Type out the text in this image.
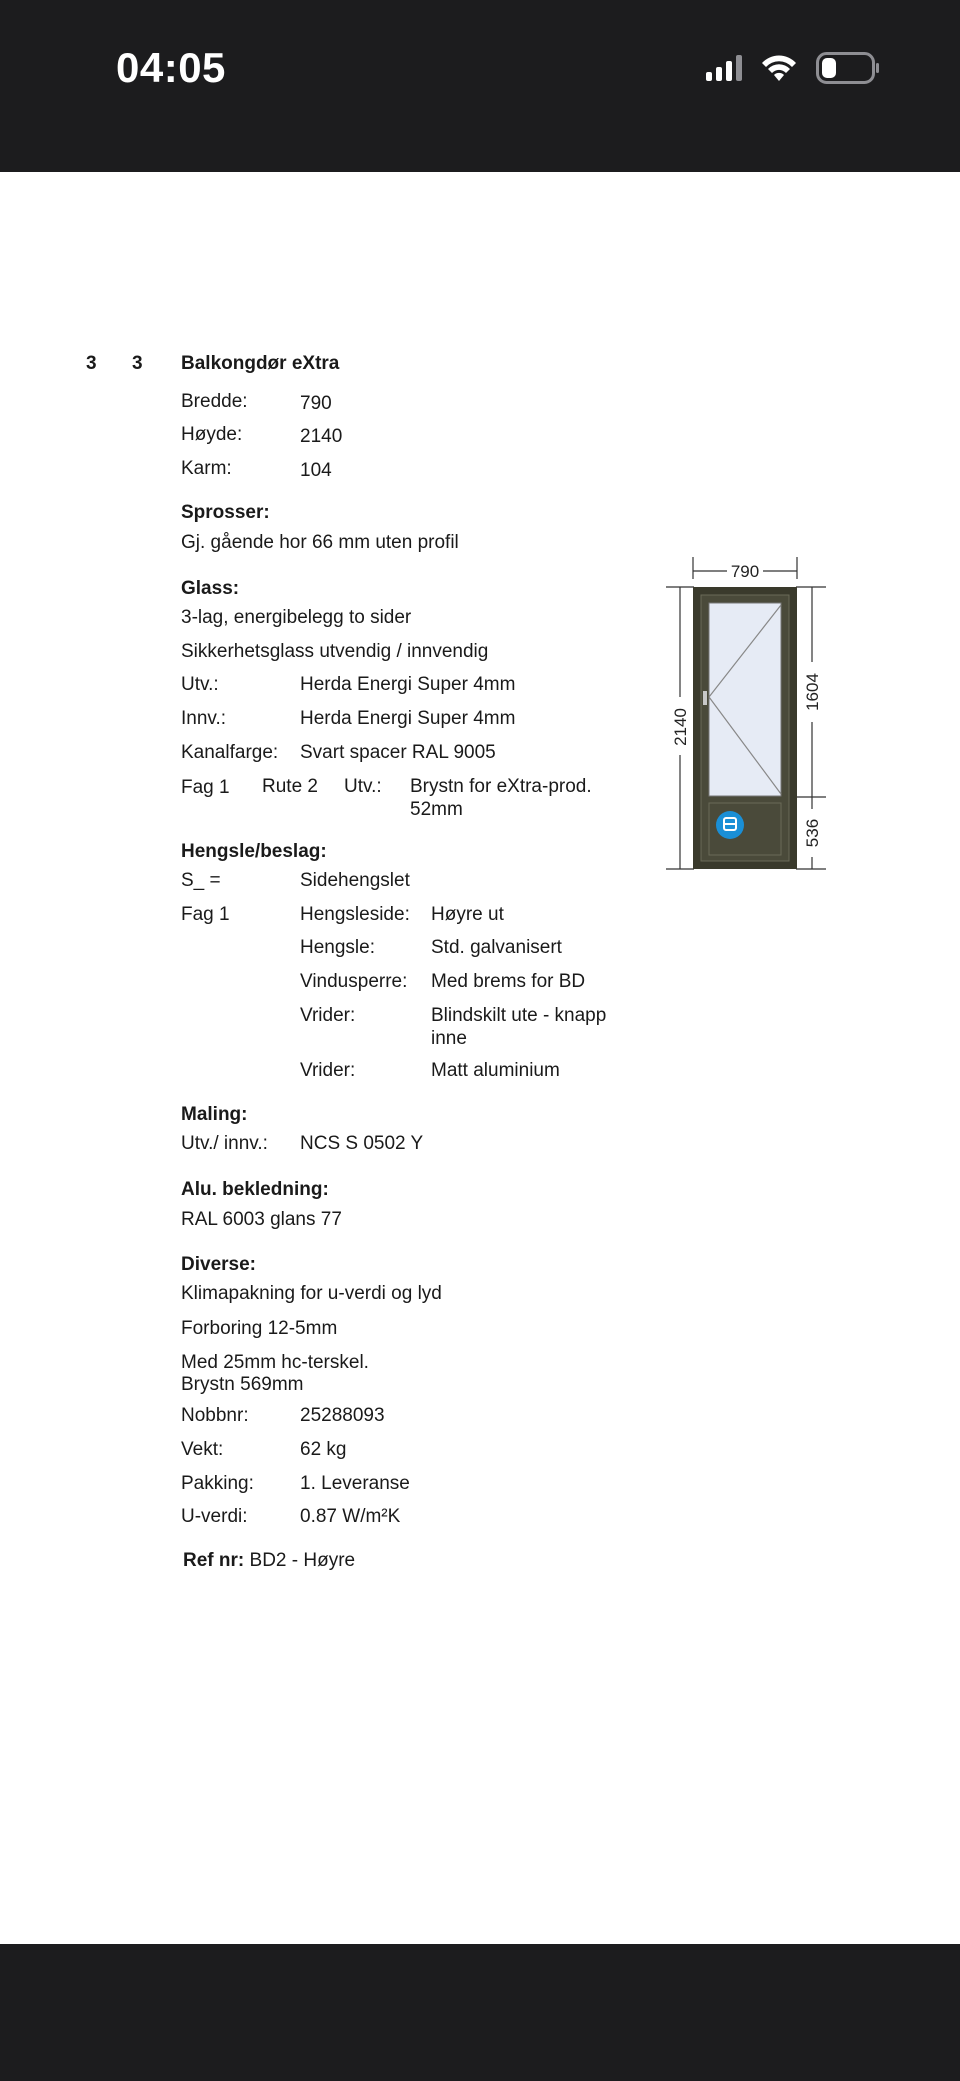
04:05
3 3 Balkongdør eXtra
Bredde:	790
Høyde:	2140
Karm:	104
Sprosser:
Gj. gående hor 66 mm uten profil
Glass:
3-lag, energibelegg to sider
Sikkerhetsglass utvendig / innvendig
Utv.:	Herda Energi Super 4mm
Innv.:	Herda Energi Super 4mm
Kanalfarge: Svart spacer RAL 9005
Fag 1 Rute 2 Utv.: Brystn for eXtra-prod. 52mm
Hengsle/beslag:
S_ =	Sidehengslet
Fag 1	Hengsleside: Høyre ut
Hengsle:	Std. galvanisert
Vindusperre: Med brems for BD
Vrider:	Blindskilt ute - knapp inne
Vrider:	Matt aluminium
Maling:
Utv./ innv.: NCS S 0502 Y
Alu. bekledning:
RAL 6003 glans 77
Diverse:
Klimapakning for u-verdi og lyd
Forboring 12-5mm
Med 25mm hc-terskel.
Brystn 569mm
Nobbnr:	25288093
Vekt:	62 kg
Pakking: 1. Leveranse
U-verdi:	0.87 W/m²K
Ref nr: BD2 - Høyre
790
2140
1604
536
